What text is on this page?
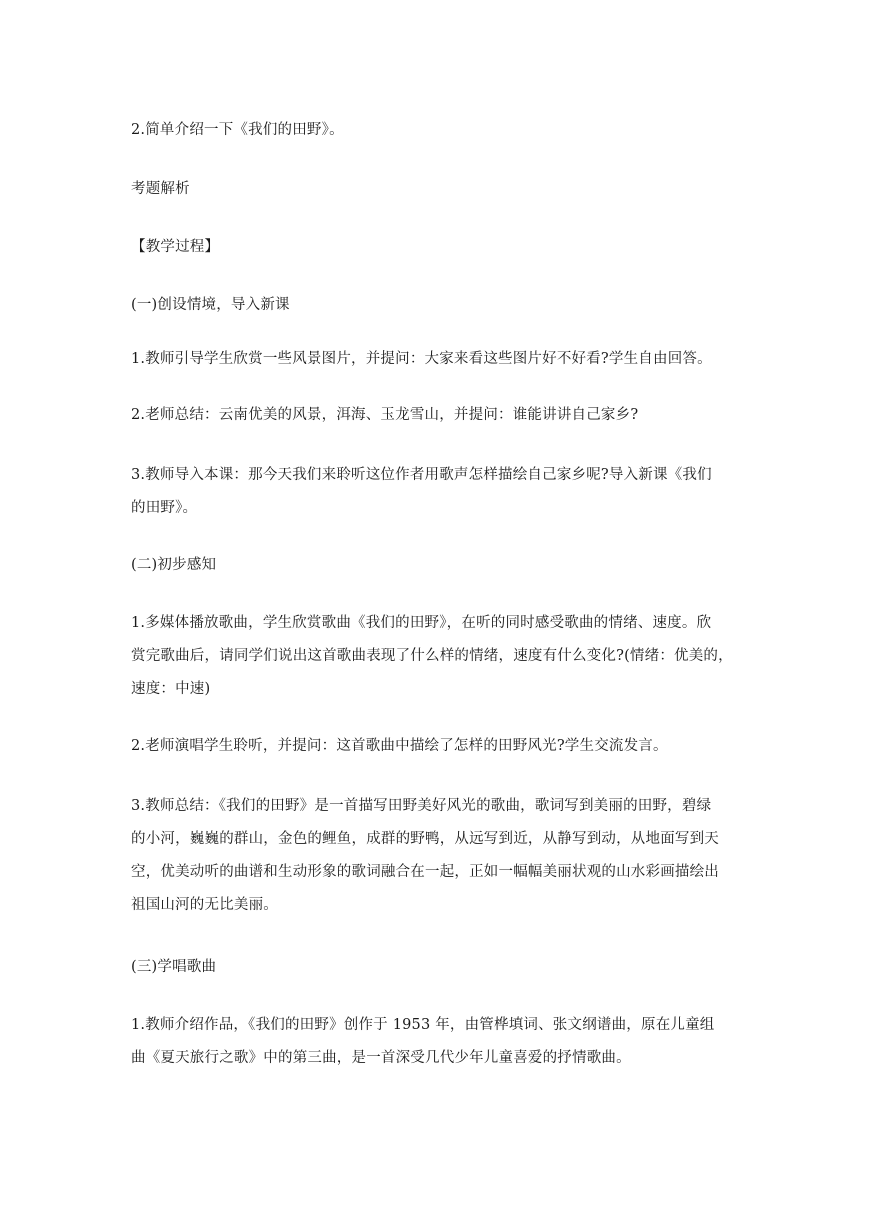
2.简单介绍一下《我们的田野》。
考题解析
【教学过程】
(一)创设情境，导入新课
1.教师引导学生欣赏一些风景图片，并提问：大家来看这些图片好不好看?学生自由回答。
2.老师总结：云南优美的风景，洱海、玉龙雪山，并提问：谁能讲讲自己家乡?
3.教师导入本课：那今天我们来聆听这位作者用歌声怎样描绘自己家乡呢?导入新课《我们
的田野》。
(二)初步感知
1.多媒体播放歌曲，学生欣赏歌曲《我们的田野》，在听的同时感受歌曲的情绪、速度。欣
赏完歌曲后，请同学们说出这首歌曲表现了什么样的情绪，速度有什么变化?(情绪：优美的，
速度：中速)
2.老师演唱学生聆听，并提问：这首歌曲中描绘了怎样的田野风光?学生交流发言。
3.教师总结：《我们的田野》是一首描写田野美好风光的歌曲，歌词写到美丽的田野，碧绿
的小河，巍巍的群山，金色的鲤鱼，成群的野鸭，从远写到近，从静写到动，从地面写到天
空，优美动听的曲谱和生动形象的歌词融合在一起，正如一幅幅美丽状观的山水彩画描绘出
祖国山河的无比美丽。
(三)学唱歌曲
1.教师介绍作品，《我们的田野》创作于 1953 年，由管桦填词、张文纲谱曲，原在儿童组
曲《夏天旅行之歌》中的第三曲，是一首深受几代少年儿童喜爱的抒情歌曲。
